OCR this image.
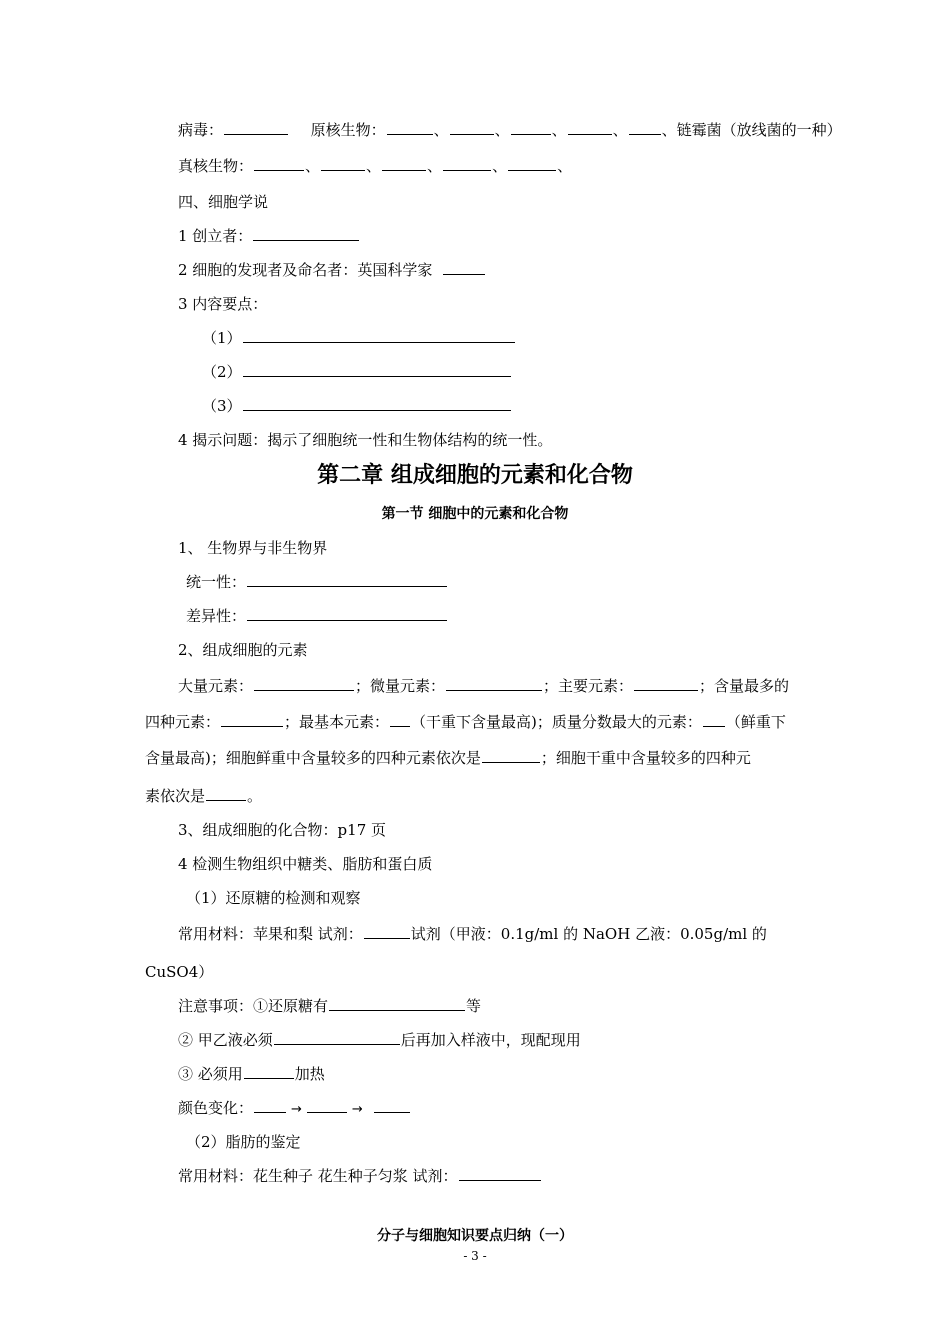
病毒：	原核生物：	、	、	、	、 、链霉菌（放线菌的一种）
真核生物：	、	、	、	、	、
四、细胞学说
1 创立者：
2 细胞的发现者及命名者：英国科学家
3 内容要点：
（1）
（2）
（3）
4 揭示问题：揭示了细胞统一性和生物体结构的统一性。
第二章 组成细胞的元素和化合物
第一节 细胞中的元素和化合物
1、 生物界与非生物界
统一性：
差异性：
2、组成细胞的元素
大量元素：	；微量元素：	；主要元素：	；含量最多的
四种元素：	；最基本元素： （干重下含量最高)；质量分数最大的元素： （鲜重下
含量最高)；细胞鲜重中含量较多的四种元素依次是	；细胞干重中含量较多的四种元
素依次是	。
3、组成细胞的化合物：p17 页
4 检测生物组织中糖类、脂肪和蛋白质
（1）还原糖的检测和观察
常用材料：苹果和梨 试剂：	试剂（甲液：0.1g/ml 的 NaOH 乙液：0.05g/ml 的
CuSO4）
注意事项：①还原糖有	等
② 甲乙液必须	后再加入样液中，现配现用
③ 必须用	加热
颜色变化：	→	→
（2）脂肪的鉴定
常用材料：花生种子 花生种子匀浆 试剂：
分子与细胞知识要点归纳（一）
- 3 -
